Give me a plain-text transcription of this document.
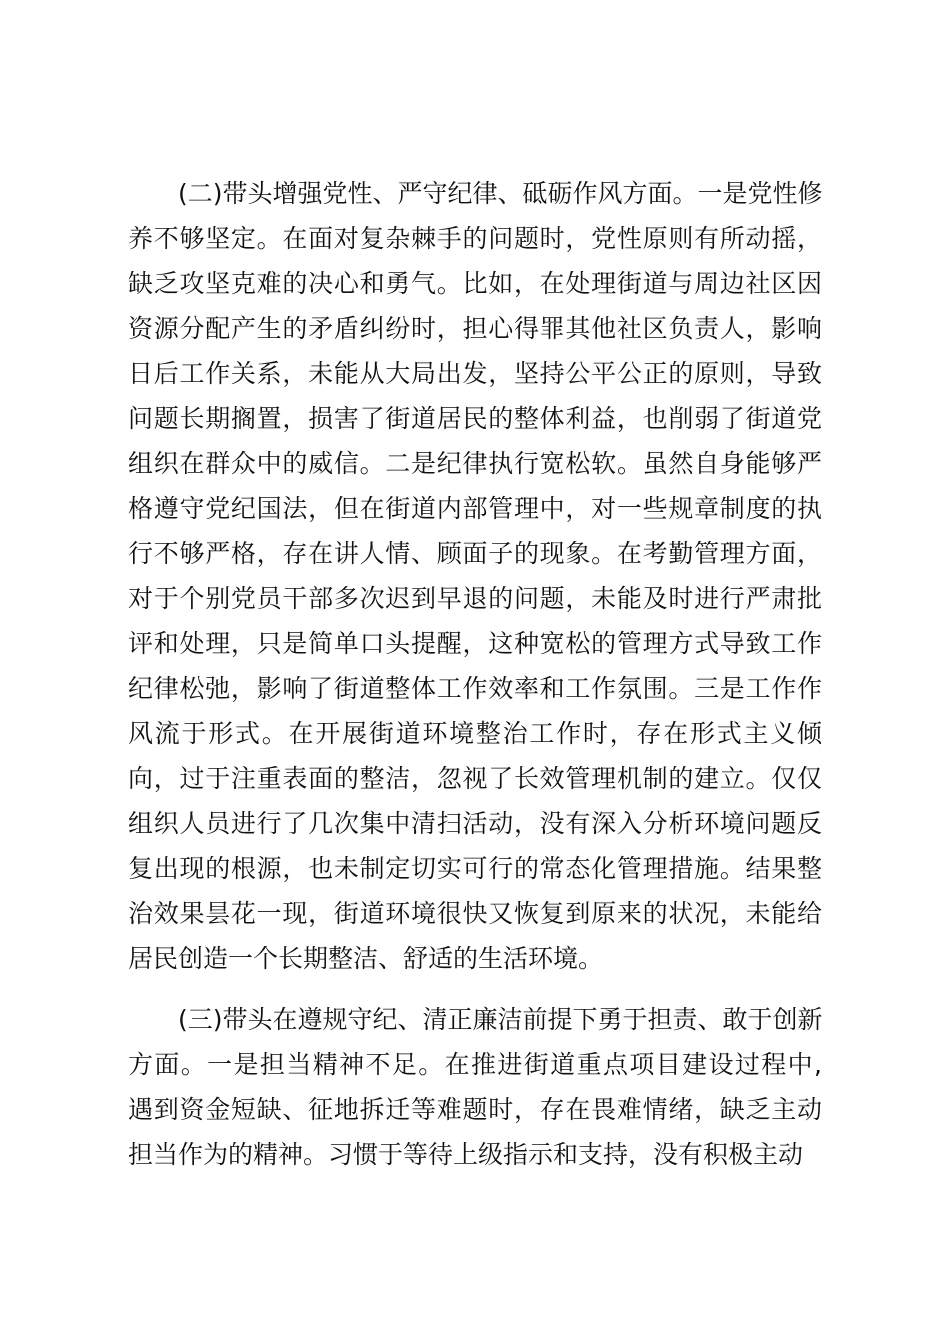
(二)带头增强党性、严守纪律、砥砺作风方面。一是党性修
养不够坚定。在面对复杂棘手的问题时，党性原则有所动摇，
缺乏攻坚克难的决心和勇气。比如，在处理街道与周边社区因
资源分配产生的矛盾纠纷时，担心得罪其他社区负责人，影响
日后工作关系，未能从大局出发，坚持公平公正的原则，导致
问题长期搁置，损害了街道居民的整体利益，也削弱了街道党
组织在群众中的威信。二是纪律执行宽松软。虽然自身能够严
格遵守党纪国法，但在街道内部管理中，对一些规章制度的执
行不够严格，存在讲人情、顾面子的现象。在考勤管理方面，
对于个别党员干部多次迟到早退的问题，未能及时进行严肃批
评和处理，只是简单口头提醒，这种宽松的管理方式导致工作
纪律松弛，影响了街道整体工作效率和工作氛围。三是工作作
风流于形式。在开展街道环境整治工作时，存在形式主义倾
向，过于注重表面的整洁，忽视了长效管理机制的建立。仅仅
组织人员进行了几次集中清扫活动，没有深入分析环境问题反
复出现的根源，也未制定切实可行的常态化管理措施。结果整
治效果昙花一现，街道环境很快又恢复到原来的状况，未能给
居民创造一个长期整洁、舒适的生活环境。
(三)带头在遵规守纪、清正廉洁前提下勇于担责、敢于创新
方面。一是担当精神不足。在推进街道重点项目建设过程中,
遇到资金短缺、征地拆迁等难题时，存在畏难情绪，缺乏主动
担当作为的精神。习惯于等待上级指示和支持，没有积极主动
